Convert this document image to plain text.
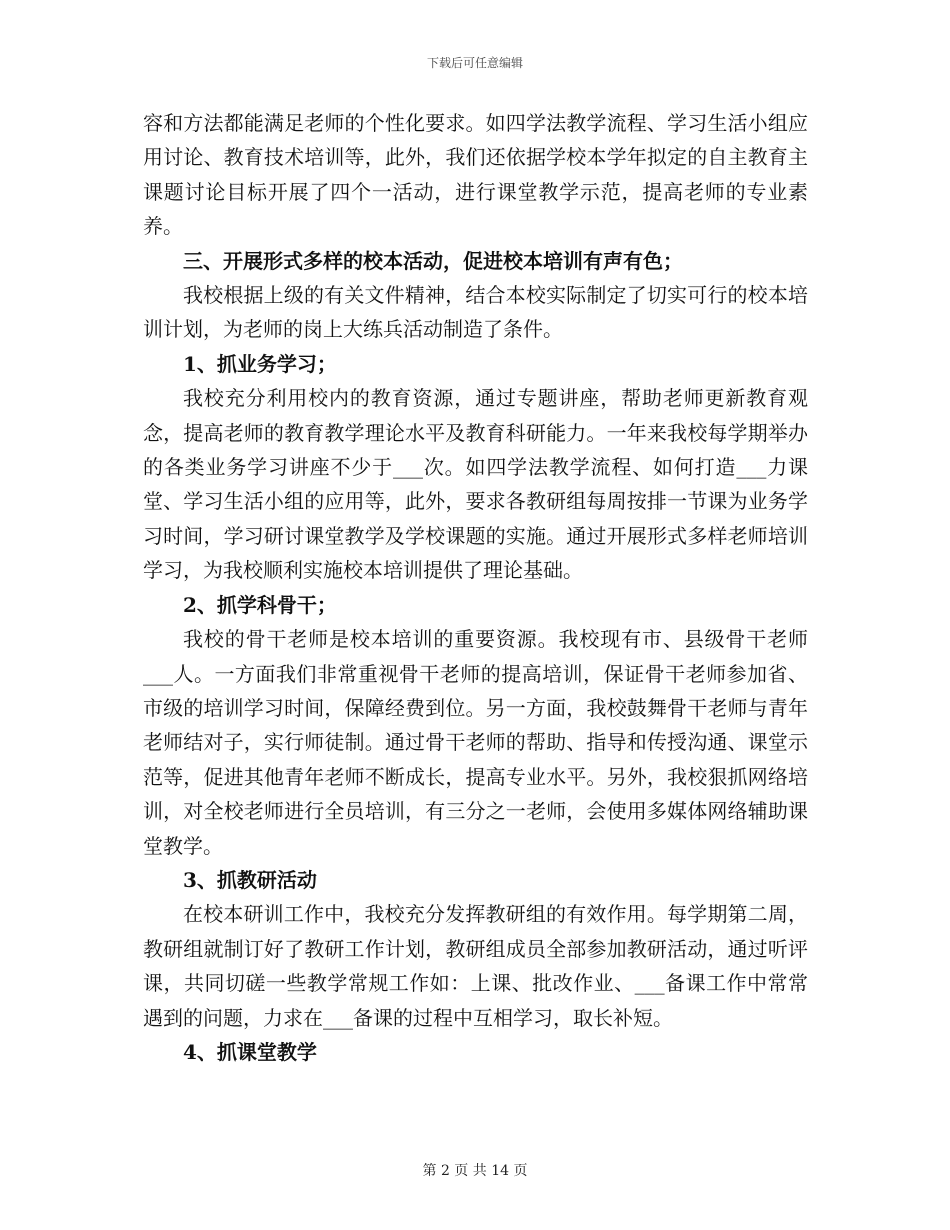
下载后可任意编辑

容和方法都能满足老师的个性化要求。如四学法教学流程、学习生活小组应用讨论、教育技术培训等，此外，我们还依据学校本学年拟定的自主教育主课题讨论目标开展了四个一活动，进行课堂教学示范，提高老师的专业素养。

三、开展形式多样的校本活动，促进校本培训有声有色；

我校根据上级的有关文件精神，结合本校实际制定了切实可行的校本培训计划，为老师的岗上大练兵活动制造了条件。

1、抓业务学习；

我校充分利用校内的教育资源，通过专题讲座，帮助老师更新教育观念，提高老师的教育教学理论水平及教育科研能力。一年来我校每学期举办的各类业务学习讲座不少于___次。如四学法教学流程、如何打造___力课堂、学习生活小组的应用等，此外，要求各教研组每周按排一节课为业务学习时间，学习研讨课堂教学及学校课题的实施。通过开展形式多样老师培训学习，为我校顺利实施校本培训提供了理论基础。

2、抓学科骨干；

我校的骨干老师是校本培训的重要资源。我校现有市、县级骨干老师___人。一方面我们非常重视骨干老师的提高培训，保证骨干老师参加省、市级的培训学习时间，保障经费到位。另一方面，我校鼓舞骨干老师与青年老师结对子，实行师徒制。通过骨干老师的帮助、指导和传授沟通、课堂示范等，促进其他青年老师不断成长，提高专业水平。另外，我校狠抓网络培训，对全校老师进行全员培训，有三分之一老师，会使用多媒体网络辅助课堂教学。

3、抓教研活动

在校本研训工作中，我校充分发挥教研组的有效作用。每学期第二周，教研组就制订好了教研工作计划，教研组成员全部参加教研活动，通过听评课，共同切磋一些教学常规工作如：上课、批改作业、___备课工作中常常遇到的问题，力求在___备课的过程中互相学习，取长补短。

4、抓课堂教学

第 2 页 共 14 页
